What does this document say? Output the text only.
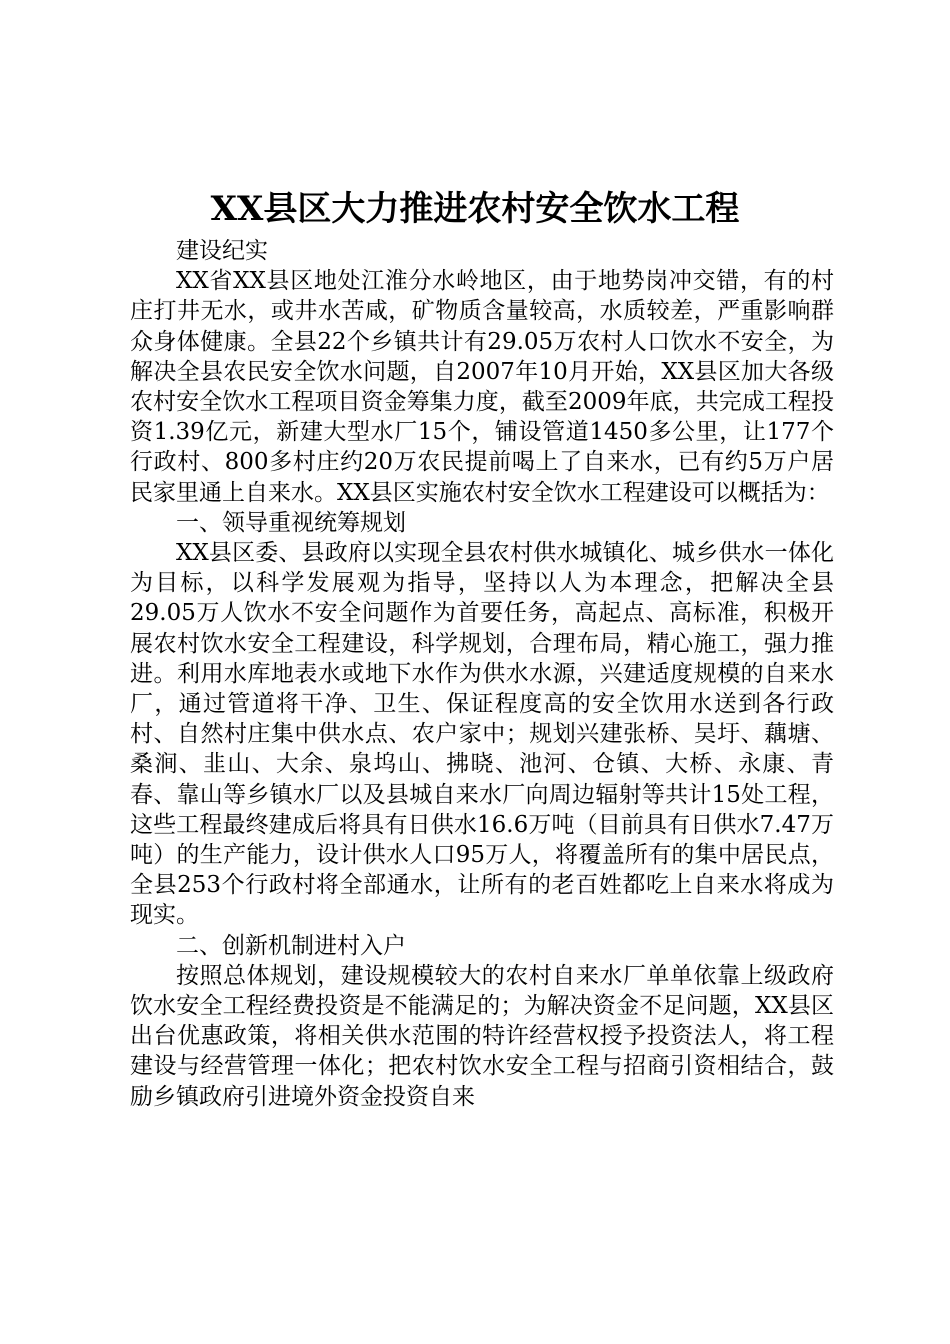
XX县区大力推进农村安全饮水工程

建设纪实

XX省XX县区地处江淮分水岭地区，由于地势岗冲交错，有的村庄打井无水，或井水苦咸，矿物质含量较高，水质较差，严重影响群众身体健康。全县22个乡镇共计有29.05万农村人口饮水不安全，为解决全县农民安全饮水问题，自2007年10月开始，XX县区加大各级农村安全饮水工程项目资金筹集力度，截至2009年底，共完成工程投资1.39亿元，新建大型水厂15个，铺设管道1450多公里，让177个行政村、800多村庄约20万农民提前喝上了自来水，已有约5万户居民家里通上自来水。XX县区实施农村安全饮水工程建设可以概括为：

一、领导重视统筹规划

XX县区委、县政府以实现全县农村供水城镇化、城乡供水一体化为目标，以科学发展观为指导，坚持以人为本理念，把解决全县29.05万人饮水不安全问题作为首要任务，高起点、高标准，积极开展农村饮水安全工程建设，科学规划，合理布局，精心施工，强力推进。利用水库地表水或地下水作为供水水源，兴建适度规模的自来水厂，通过管道将干净、卫生、保证程度高的安全饮用水送到各行政村、自然村庄集中供水点、农户家中；规划兴建张桥、吴圩、藕塘、桑涧、韭山、大余、泉坞山、拂晓、池河、仓镇、大桥、永康、青春、靠山等乡镇水厂以及县城自来水厂向周边辐射等共计15处工程，这些工程最终建成后将具有日供水16.6万吨（目前具有日供水7.47万吨）的生产能力，设计供水人口95万人，将覆盖所有的集中居民点，全县253个行政村将全部通水，让所有的老百姓都吃上自来水将成为现实。

二、创新机制进村入户

按照总体规划，建设规模较大的农村自来水厂单单依靠上级政府饮水安全工程经费投资是不能满足的；为解决资金不足问题，XX县区出台优惠政策，将相关供水范围的特许经营权授予投资法人，将工程建设与经营管理一体化；把农村饮水安全工程与招商引资相结合，鼓励乡镇政府引进境外资金投资自来
